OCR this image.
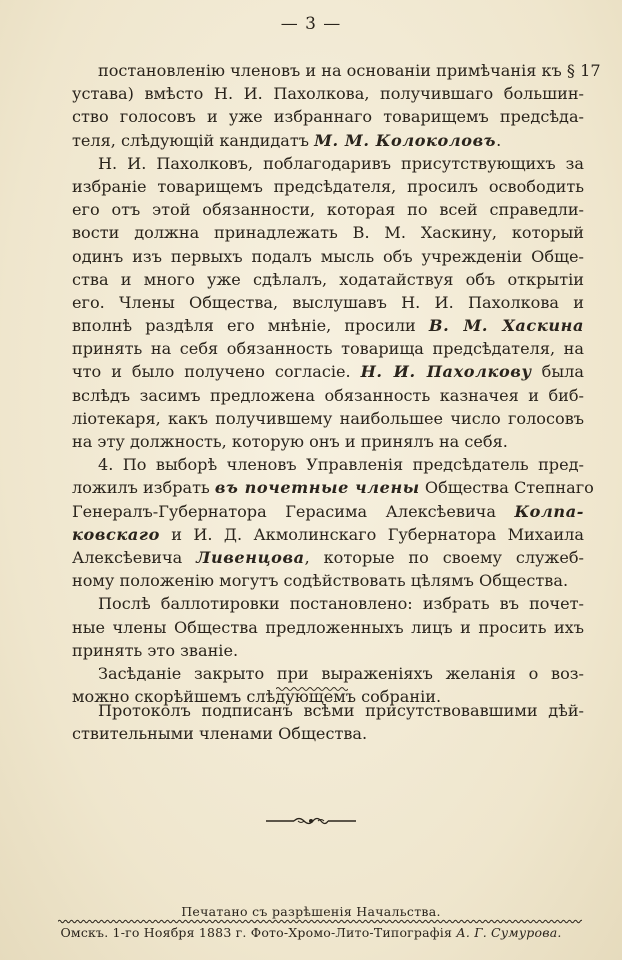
— 3 —
постановленію членовъ и на основаніи примѣчанія къ § 17
устава) вмѣсто Н. И. Пахолкова, получившаго большин-
ство голосовъ и уже избраннаго товарищемъ предсѣда-
теля, слѣдующій кандидатъ М. М. Колоколовъ.
Н. И. Пахолковъ, поблагодаривъ присутствующихъ за
избраніе товарищемъ предсѣдателя, просилъ освободить
его отъ этой обязанности, которая по всей справедли-
вости должна принадлежать В. М. Хаскину, который
одинъ изъ первыхъ подалъ мысль объ учрежденіи Обще-
ства и много уже сдѣлалъ, ходатайствуя объ открытіи
его. Члены Общества, выслушавъ Н. И. Пахолкова и
вполнѣ раздѣля его мнѣніе, просили В. М. Хаскина
принять на себя обязанность товарища предсѣдателя, на
что и было получено согласіе. Н. И. Пахолкову была
вслѣдъ засимъ предложена обязанность казначея и биб-
ліотекаря, какъ получившему наибольшее число голосовъ
на эту должность, которую онъ и принялъ на себя.
4. По выборѣ членовъ Управленія предсѣдатель пред-
ложилъ избрать въ почетные члены Общества Степнаго
Генералъ-Губернатора Герасима Алексѣевича Колпа-
ковскаго и И. Д. Акмолинскаго Губернатора Михаила
Алексѣевича Ливенцова, которые по своему служеб-
ному положенію могутъ содѣйствовать цѣлямъ Общества.
Послѣ баллотировки постановлено: избрать въ почет-
ные члены Общества предложенныхъ лицъ и просить ихъ
принять это званіе.
Засѣданіе закрыто при выраженіяхъ желанія о воз-
можно скорѣйшемъ слѣдующемъ собраніи.
Протоколъ подписанъ всѣми присутствовавшими дѣй-
ствительными членами Общества.
Печатано съ разрѣшенія Начальства.
Омскъ. 1-го Ноября 1883 г. Фото-Хромо-Лито-Типографія А. Г. Сумурова.
